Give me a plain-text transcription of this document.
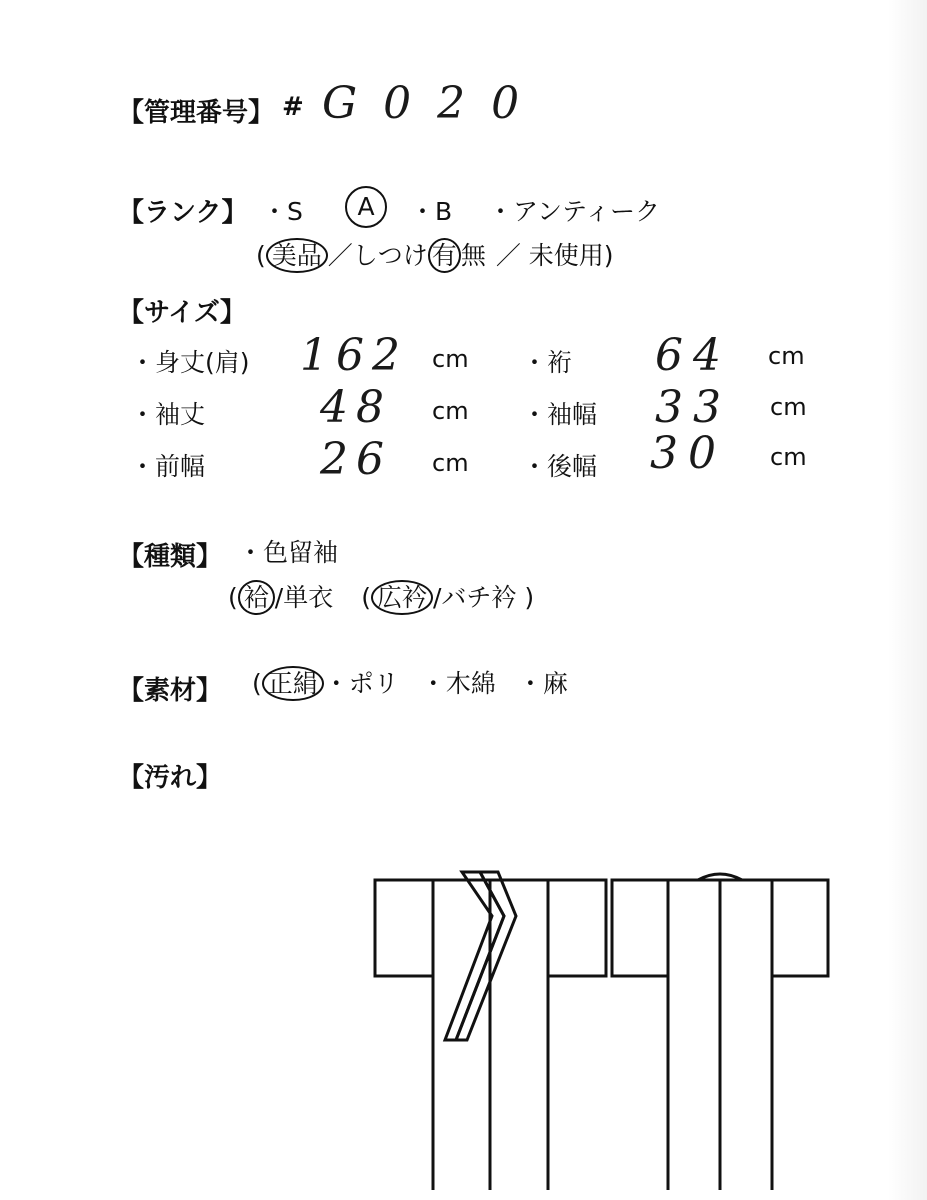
【管理番号】 # G 0 2 0
【ランク】 ・S	A	・B ・アンティーク
( 美品 ／しつけ 有 無 ／ 未使用)
【サイズ】
・身丈(肩) 162 cm ・裄 64 cm
・袖丈	48 cm ・袖幅 33 cm
・前幅	26 cm ・後幅 30 cm
【種類】 ・色留袖
( 袷 /単衣 ( 広衿 /バチ衿 )
【素材】 ( 正絹 ・ポリ ・木綿 ・麻
【汚れ】
